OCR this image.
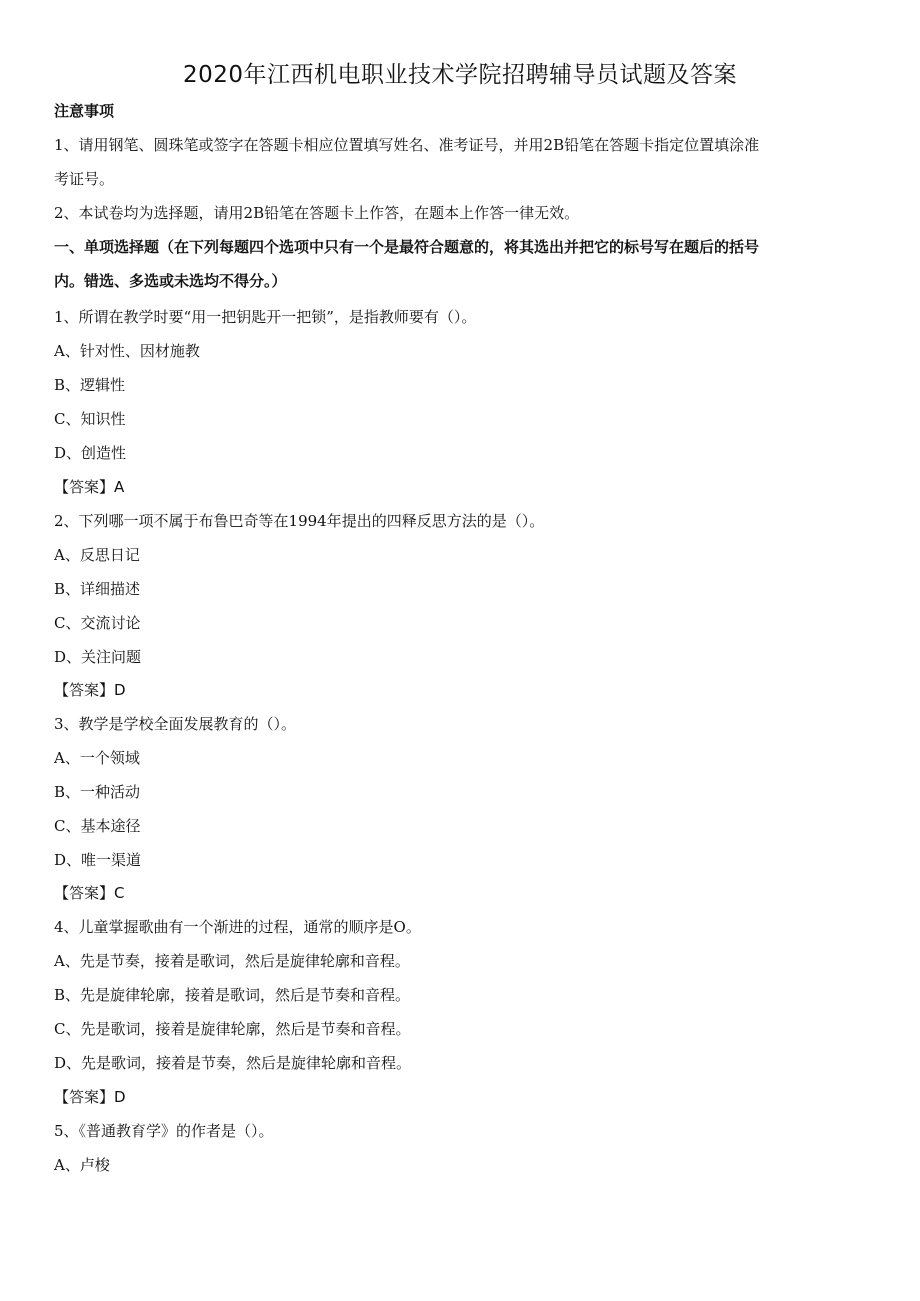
2020年江西机电职业技术学院招聘辅导员试题及答案
注意事项
1、请用钢笔、圆珠笔或签字在答题卡相应位置填写姓名、准考证号，并用2B铅笔在答题卡指定位置填涂准
考证号。
2、本试卷均为选择题，请用2B铅笔在答题卡上作答，在题本上作答一律无效。
一、单项选择题（在下列每题四个选项中只有一个是最符合题意的，将其选出并把它的标号写在题后的括号
内。错选、多选或未选均不得分。）
1、所谓在教学时要“用一把钥匙开一把锁”，是指教师要有（）。
A、针对性、因材施教
B、逻辑性
C、知识性
D、创造性
【答案】A
2、下列哪一项不属于布鲁巴奇等在1994年提出的四释反思方法的是（）。
A、反思日记
B、详细描述
C、交流讨论
D、关注问题
【答案】D
3、教学是学校全面发展教育的（）。
A、一个领域
B、一种活动
C、基本途径
D、唯一渠道
【答案】C
4、儿童掌握歌曲有一个渐进的过程，通常的顺序是O。
A、先是节奏，接着是歌词，然后是旋律轮廓和音程。
B、先是旋律轮廓，接着是歌词，然后是节奏和音程。
C、先是歌词，接着是旋律轮廓，然后是节奏和音程。
D、先是歌词，接着是节奏，然后是旋律轮廓和音程。
【答案】D
5、《普通教育学》的作者是（）。
A、卢梭
